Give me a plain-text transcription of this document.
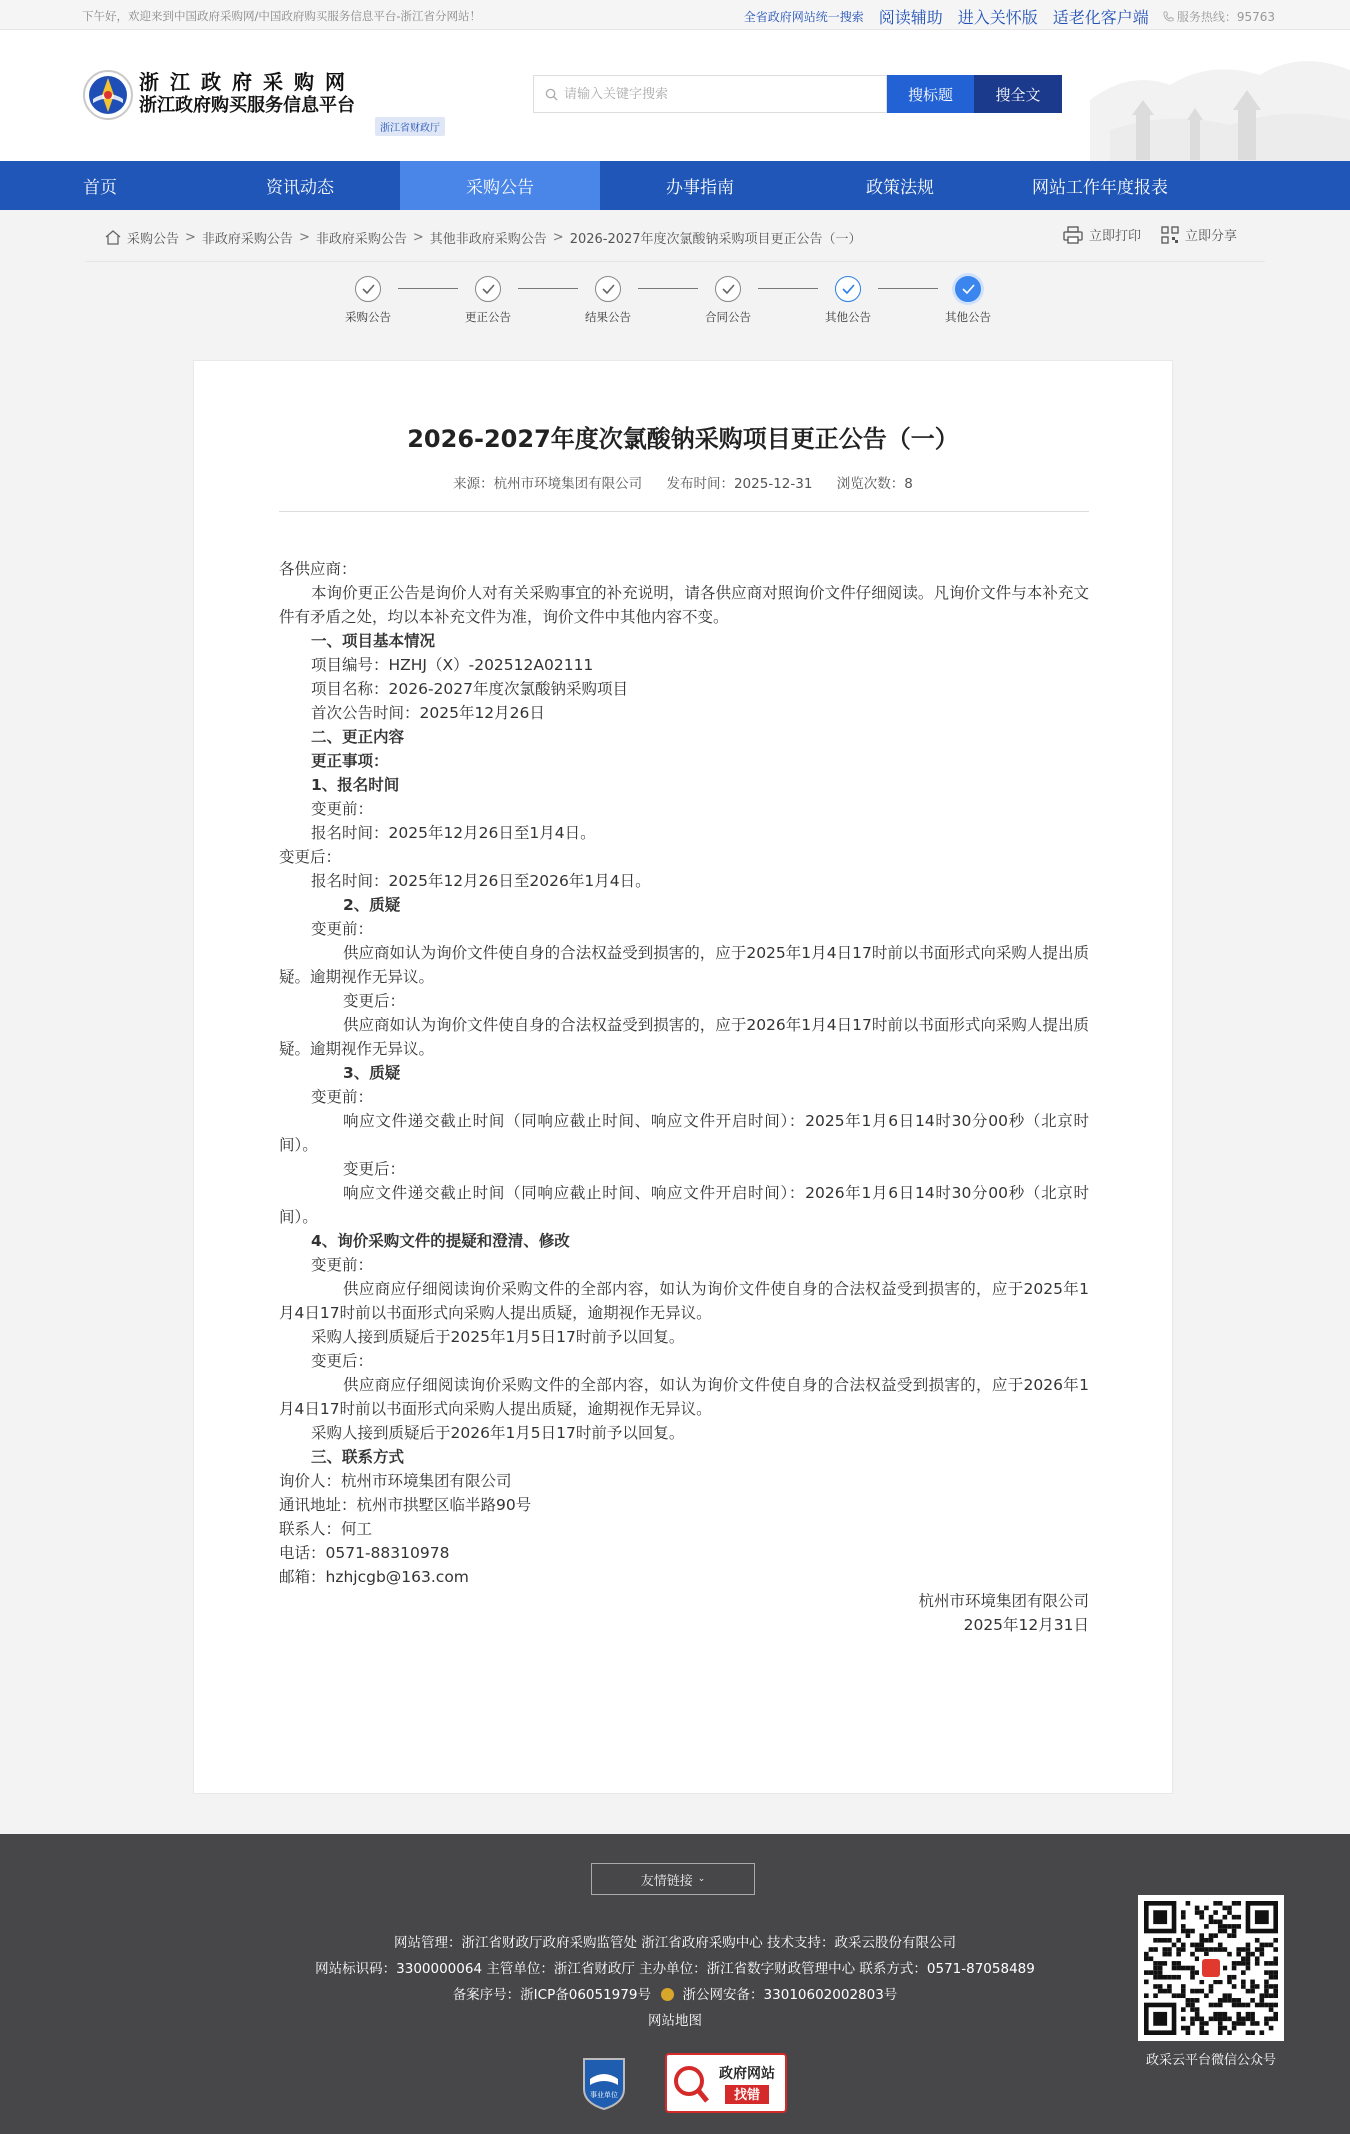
下午好，欢迎来到中国政府采购网/中国政府购买服务信息平台-浙江省分网站！	全省政府网站统一搜索 阅读辅助 进入关怀版 适老化客户端 服务热线：95763
浙江政府采购网
浙江政府购买服务信息平台
浙江省财政厅
请输入关键字搜索
搜标题	搜全文
首页	资讯动态	采购公告	办事指南	政策法规	网站工作年度报表
采购公告 > 非政府采购公告 > 非政府采购公告 > 其他非政府采购公告 > 2026-2027年度次氯酸钠采购项目更正公告（一）	立即打印	立即分享
采购公告	更正公告	结果公告	合同公告	其他公告	其他公告
2026-2027年度次氯酸钠采购项目更正公告（一）
来源：杭州市环境集团有限公司 发布时间：2025-12-31 浏览次数：8

各供应商：

本询价更正公告是询价人对有关采购事宜的补充说明，请各供应商对照询价文件仔细阅读。凡询价文件与本补充文件有矛盾之处，均以本补充文件为准，询价文件中其他内容不变。

一、项目基本情况

项目编号：HZHJ（X）-202512A02111

项目名称：2026-2027年度次氯酸钠采购项目

首次公告时间：2025年12月26日

二、更正内容

更正事项：

1、报名时间

变更前：

报名时间：2025年12月26日至1月4日。

变更后：

报名时间：2025年12月26日至2026年1月4日。

2、质疑

变更前：

供应商如认为询价文件使自身的合法权益受到损害的，应于2025年1月4日17时前以书面形式向采购人提出质疑。逾期视作无异议。

变更后：

供应商如认为询价文件使自身的合法权益受到损害的，应于2026年1月4日17时前以书面形式向采购人提出质疑。逾期视作无异议。

3、质疑

变更前：

响应文件递交截止时间（同响应截止时间、响应文件开启时间）：2025年1月6日14时30分00秒（北京时间）。

变更后：

响应文件递交截止时间（同响应截止时间、响应文件开启时间）：2026年1月6日14时30分00秒（北京时间）。

4、询价采购文件的提疑和澄清、修改

变更前：

供应商应仔细阅读询价采购文件的全部内容，如认为询价文件使自身的合法权益受到损害的，应于2025年1月4日17时前以书面形式向采购人提出质疑，逾期视作无异议。

采购人接到质疑后于2025年1月5日17时前予以回复。

变更后：

供应商应仔细阅读询价采购文件的全部内容，如认为询价文件使自身的合法权益受到损害的，应于2026年1月4日17时前以书面形式向采购人提出质疑，逾期视作无异议。

采购人接到质疑后于2026年1月5日17时前予以回复。

三、联系方式

询价人：杭州市环境集团有限公司

通讯地址：杭州市拱墅区临半路90号

联系人：何工

电话：0571-88310978

邮箱：hzhjcgb@163.com

杭州市环境集团有限公司

2025年12月31日

友情链接 ⌄
网站管理：浙江省财政厅政府采购监管处 浙江省政府采购中心 技术支持：政采云股份有限公司
网站标识码：3300000064 主管单位：浙江省财政厅 主办单位：浙江省数字财政管理中心 联系方式：0571-87058489
备案序号：浙ICP备06051979号 浙公网安备：33010602002803号
网站地图
事业单位
政府网站
找错
政采云平台微信公众号
